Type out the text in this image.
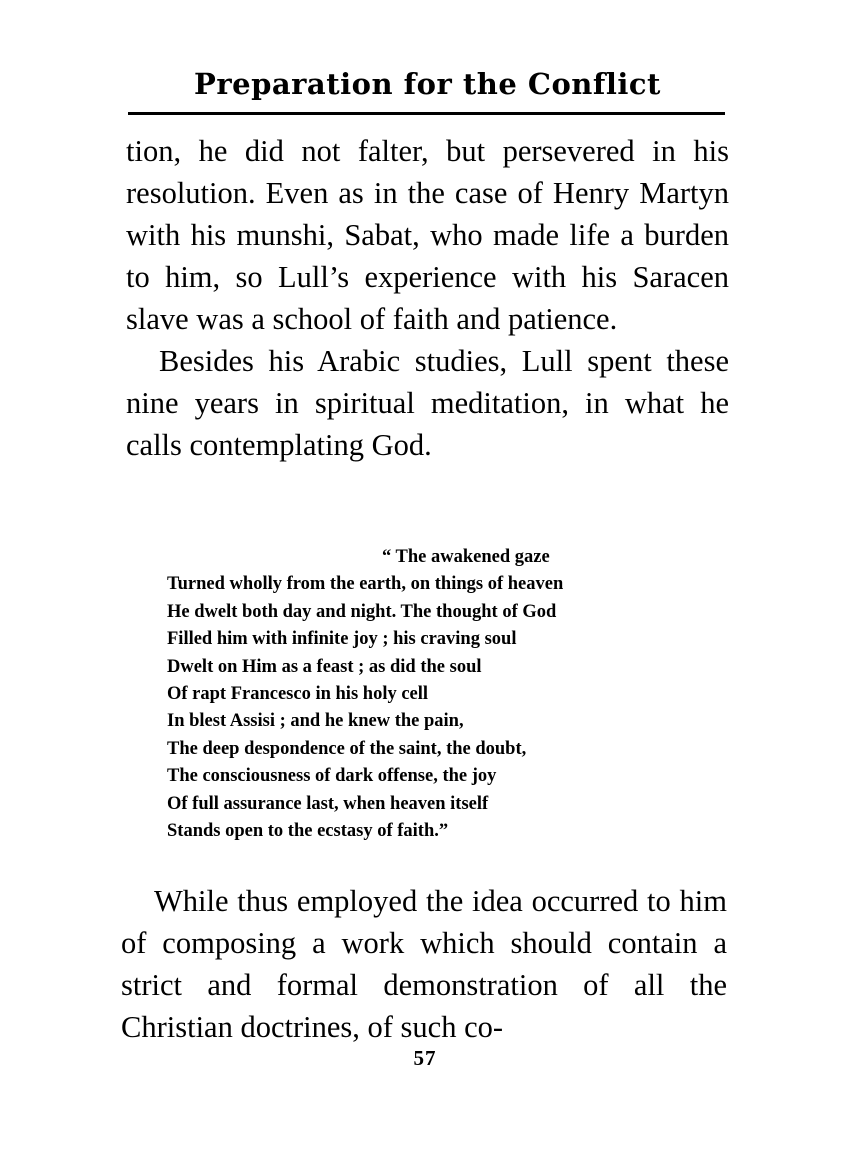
Preparation for the Conflict

tion, he did not falter, but persevered in his resolution. Even as in the case of Henry Martyn with his munshi, Sabat, who made life a burden to him, so Lull’s experience with his Saracen slave was a school of faith and patience.

Besides his Arabic studies, Lull spent these nine years in spiritual meditation, in what he calls contemplating God.

“ The awakened gaze
Turned wholly from the earth, on things of heaven
He dwelt both day and night. The thought of God
Filled him with infinite joy ; his craving soul
Dwelt on Him as a feast ; as did the soul
Of rapt Francesco in his holy cell
In blest Assisi ; and he knew the pain,
The deep despondence of the saint, the doubt,
The consciousness of dark offense, the joy
Of full assurance last, when heaven itself
Stands open to the ecstasy of faith.”

While thus employed the idea occurred to him of composing a work which should contain a strict and formal demonstration of all the Christian doctrines, of such co-

57
